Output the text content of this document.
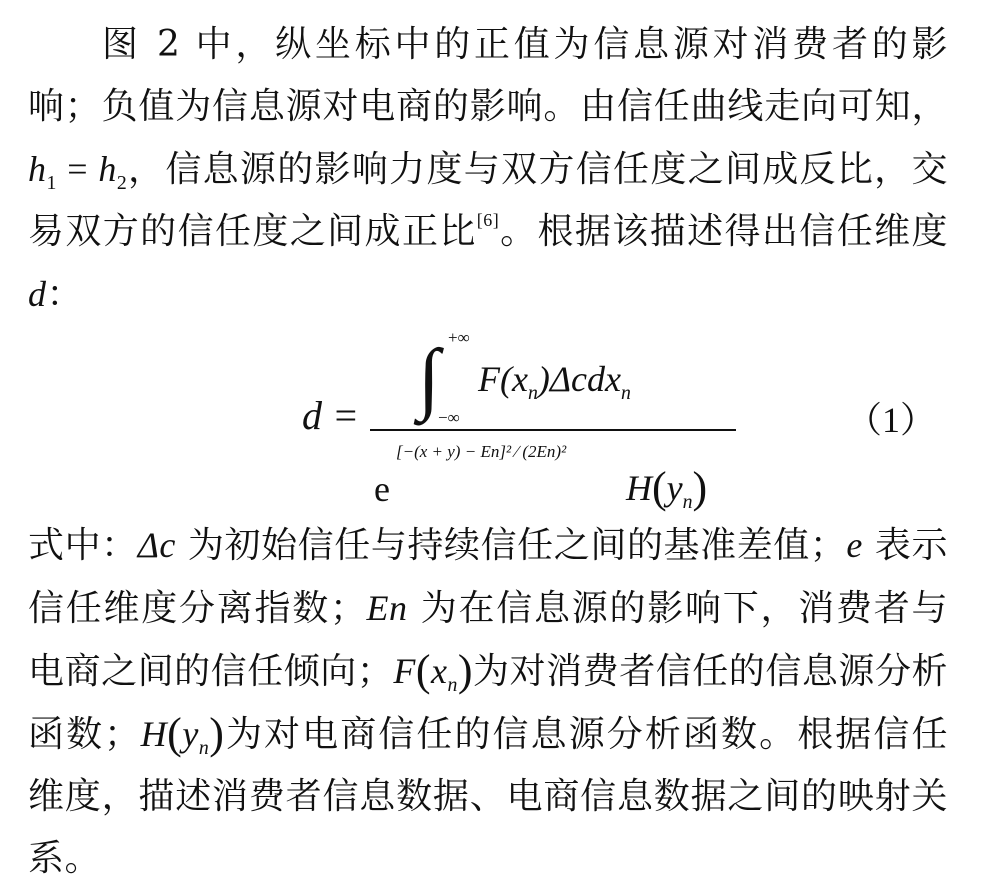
图 2 中，纵坐标中的正值为信息源对消费者的影响；负值为信息源对电商的影响。由信任曲线走向可知，$h_1 = h_2$，信息源的影响力度与双方信任度之间成反比，交易双方的信任度之间成正比[6]。根据该描述得出信任维度 d：

d = ∫ +∞
−∞
$F(x_n)\Delta cdx_n$
e
[−(x + y) − En]² ∕ (2En)²
$H(y_n)$
（1）

式中：Δc 为初始信任与持续信任之间的基准差值；e 表示信任维度分离指数；En 为在信息源的影响下，消费者与电商之间的信任倾向；$F(x_n)$为对消费者信任的信息源分析函数；$H(y_n)$为对电商信任的信息源分析函数。根据信任维度，描述消费者信息数据、电商信息数据之间的映射关系。
